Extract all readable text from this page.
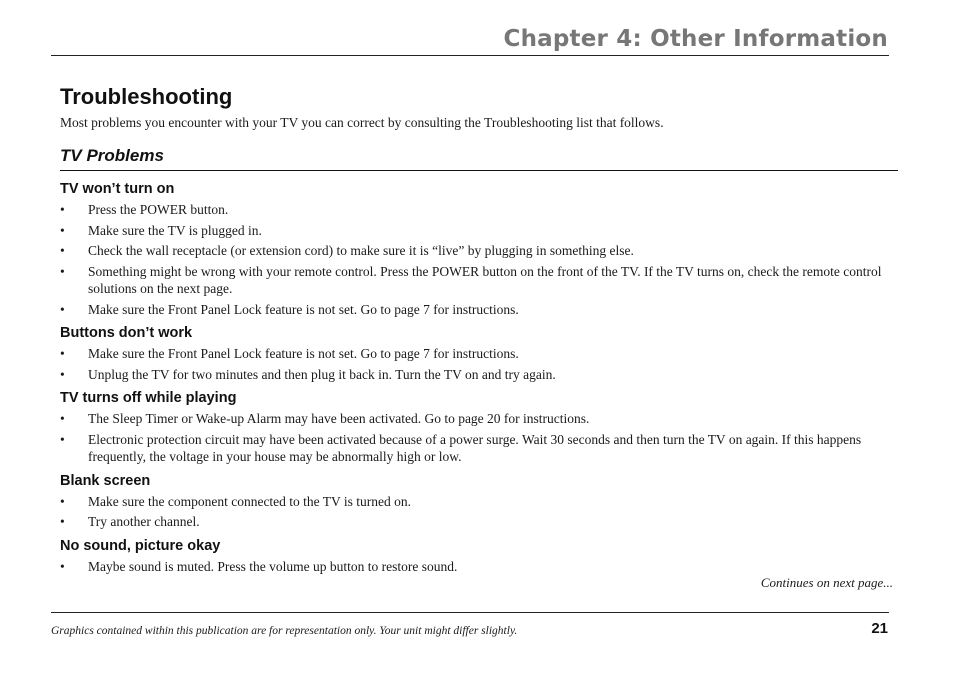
Chapter 4: Other Information
Troubleshooting
Most problems you encounter with your TV you can correct by consulting the Troubleshooting list that follows.
TV Problems
TV won’t turn on
•	Press the POWER button.
•	Make sure the TV is plugged in.
•	Check the wall receptacle (or extension cord) to make sure it is “live” by plugging in something else.
•	Something might be wrong with your remote control. Press the POWER button on the front of the TV. If the TV turns on, check the remote control solutions on the next page.
•	Make sure the Front Panel Lock feature is not set. Go to page 7 for instructions.
Buttons don’t work
•	Make sure the Front Panel Lock feature is not set. Go to page 7 for instructions.
•	Unplug the TV for two minutes and then plug it back in. Turn the TV on and try again.
TV turns off while playing
•	The Sleep Timer or Wake-up Alarm may have been activated. Go to page 20 for instructions.
•	Electronic protection circuit may have been activated because of a power surge. Wait 30 seconds and then turn the TV on again. If this happens frequently, the voltage in your house may be abnormally high or low.
Blank screen
•	Make sure the component connected to the TV is turned on.
•	Try another channel.
No sound, picture okay
•	Maybe sound is muted. Press the volume up button to restore sound.
Continues on next page...
Graphics contained within this publication are for representation only. Your unit might differ slightly.	21
